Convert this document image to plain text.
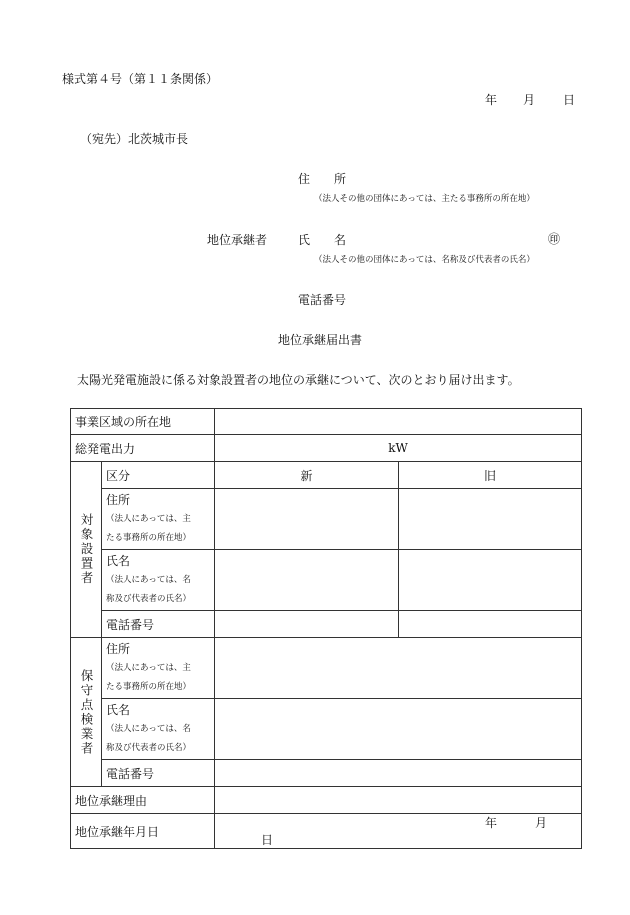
様式第４号（第１１条関係）
年 月 日
（宛先）北茨城市長
住　　所
（法人その他の団体にあっては、主たる事務所の所在地）
地位承継者	氏　　名	㊞
（法人その他の団体にあっては、名称及び代表者の氏名）
電話番号
地位承継届出書
太陽光発電施設に係る対象設置者の地位の承継について、次のとおり届け出ます。
事業区域の所在地			
総発電出力		kW	

対象設置者	区分	新	旧

	住所
（法人にあっては、主
たる事務所の所在地）		

	氏名
（法人にあっては、名
称及び代表者の氏名）		

	電話番号		

保守点検業者	住所
（法人にあっては、主
たる事務所の所在地）		

	氏名
（法人にあっては、名
称及び代表者の氏名）		

	電話番号		
地位承継理由			
地位承継年月日		年 月日	
